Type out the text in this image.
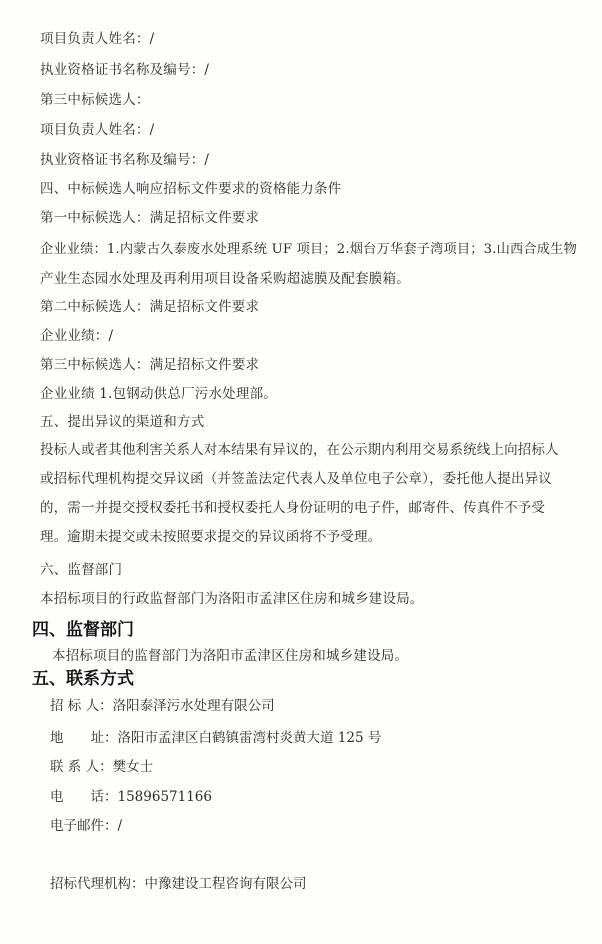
项目负责人姓名：/
执业资格证书名称及编号：/
第三中标候选人：
项目负责人姓名：/
执业资格证书名称及编号：/
四、中标候选人响应招标文件要求的资格能力条件
第一中标候选人：满足招标文件要求
企业业绩：1.内蒙古久泰废水处理系统 UF 项目；2.烟台万华套子湾项目；3.山西合成生物
产业生态园水处理及再利用项目设备采购超滤膜及配套膜箱。
第二中标候选人：满足招标文件要求
企业业绩：/
第三中标候选人：满足招标文件要求
企业业绩 1.包钢动供总厂污水处理部。
五、提出异议的渠道和方式
投标人或者其他利害关系人对本结果有异议的，在公示期内利用交易系统线上向招标人或招标代理机构提交异议函（并签盖法定代表人及单位电子公章），委托他人提出异议的，需一并提交授权委托书和授权委托人身份证明的电子件，邮寄件、传真件不予受理。逾期未提交或未按照要求提交的异议函将不予受理。
六、监督部门
本招标项目的行政监督部门为洛阳市孟津区住房和城乡建设局。
四、监督部门
本招标项目的监督部门为洛阳市孟津区住房和城乡建设局。
五、联系方式
招 标 人：洛阳泰泽污水处理有限公司
地　　址：洛阳市孟津区白鹤镇雷湾村炎黄大道 125 号
联 系 人：樊女士
电　　话：15896571166
电子邮件：/
招标代理机构：中豫建设工程咨询有限公司
